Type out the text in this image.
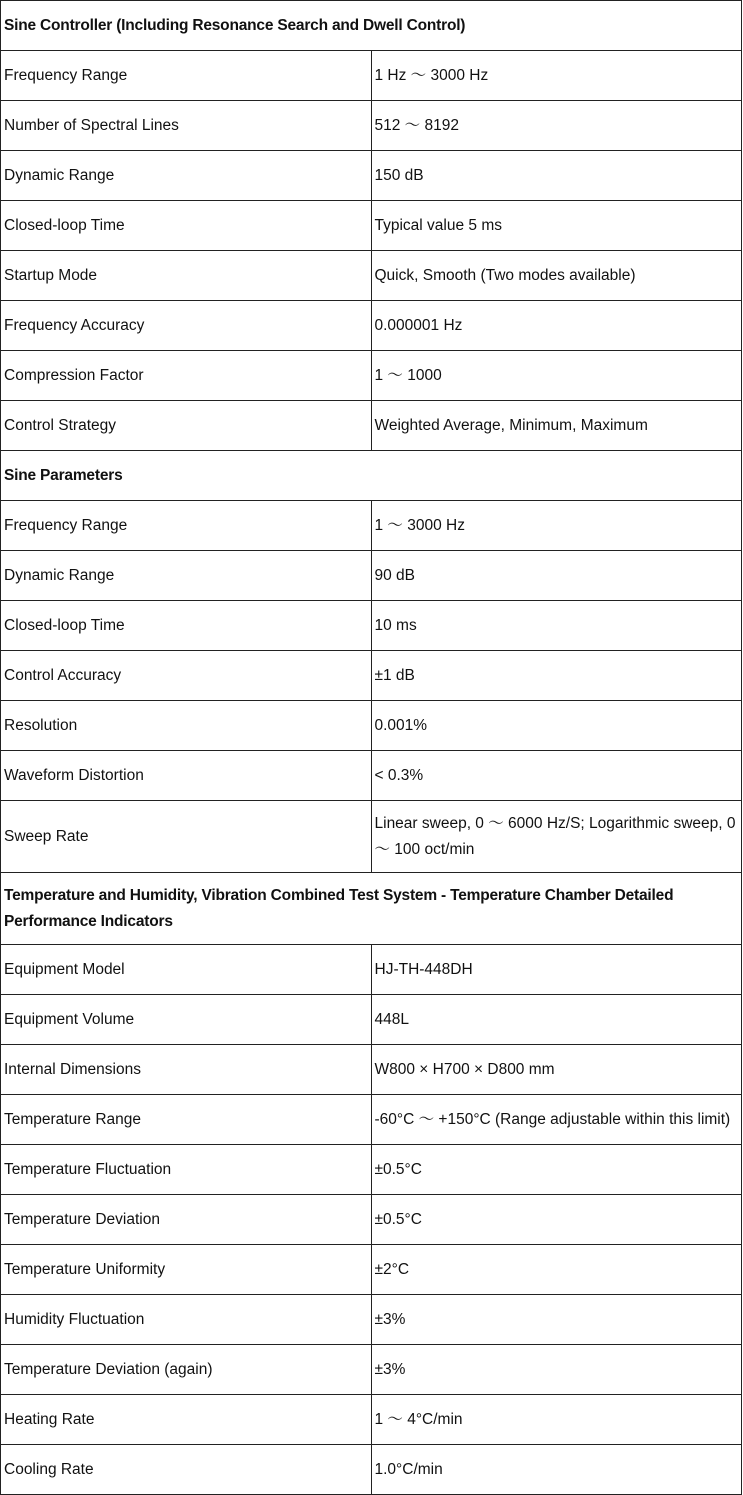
Sine Controller (Including Resonance Search and Dwell Control)	
Frequency Range	1 Hz ～ 3000 Hz
Number of Spectral Lines	512 ～ 8192
Dynamic Range	150 dB
Closed-loop Time	Typical value 5 ms
Startup Mode	Quick, Smooth (Two modes available)
Frequency Accuracy	0.000001 Hz
Compression Factor	1 ～ 1000
Control Strategy	Weighted Average, Minimum, Maximum
Sine Parameters	
Frequency Range	1 ～ 3000 Hz
Dynamic Range	90 dB
Closed-loop Time	10 ms
Control Accuracy	±1 dB
Resolution	0.001%
Waveform Distortion	< 0.3%
Sweep Rate	Linear sweep, 0 ～ 6000 Hz/S; Logarithmic sweep, 0 ～ 100 oct/min
Temperature and Humidity, Vibration Combined Test System - Temperature Chamber Detailed Performance Indicators	
Equipment Model	HJ-TH-448DH
Equipment Volume	448L
Internal Dimensions	W800 × H700 × D800 mm
Temperature Range	-60°C ～ +150°C (Range adjustable within this limit)
Temperature Fluctuation	±0.5°C
Temperature Deviation	±0.5°C
Temperature Uniformity	±2°C
Humidity Fluctuation	±3%
Temperature Deviation (again)	±3%
Heating Rate	1 ～ 4°C/min
Cooling Rate	1.0°C/min
